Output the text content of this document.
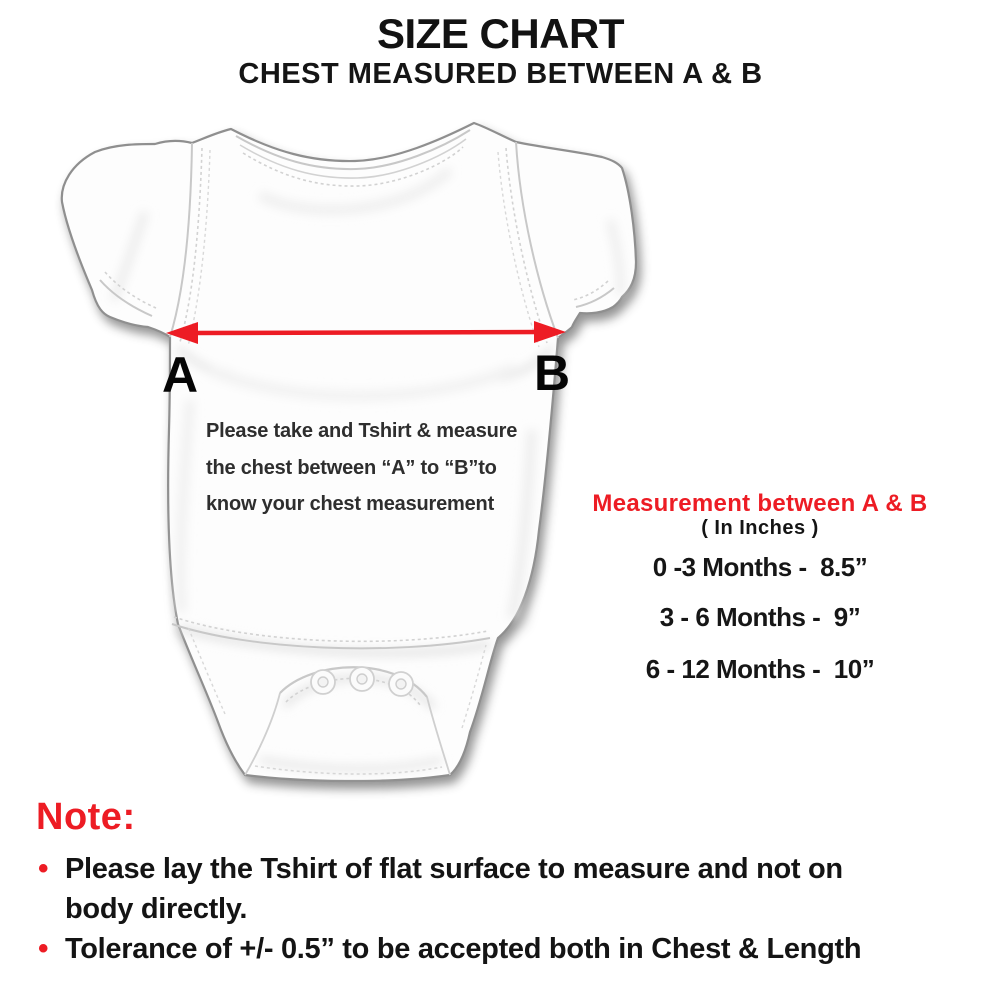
SIZE CHART
CHEST MEASURED BETWEEN A & B
A	B
Please take and Tshirt & measure
the chest between “A” to “B”to
know your chest measurement	Measurement between A & B
( In Inches )
0 -3 Months -  8.5”
3 - 6 Months -  9”
6 - 12 Months -  10”
Note:
• Please lay the Tshirt of flat surface to measure and not on
body directly.
• Tolerance of +/- 0.5” to be accepted both in Chest & Length
